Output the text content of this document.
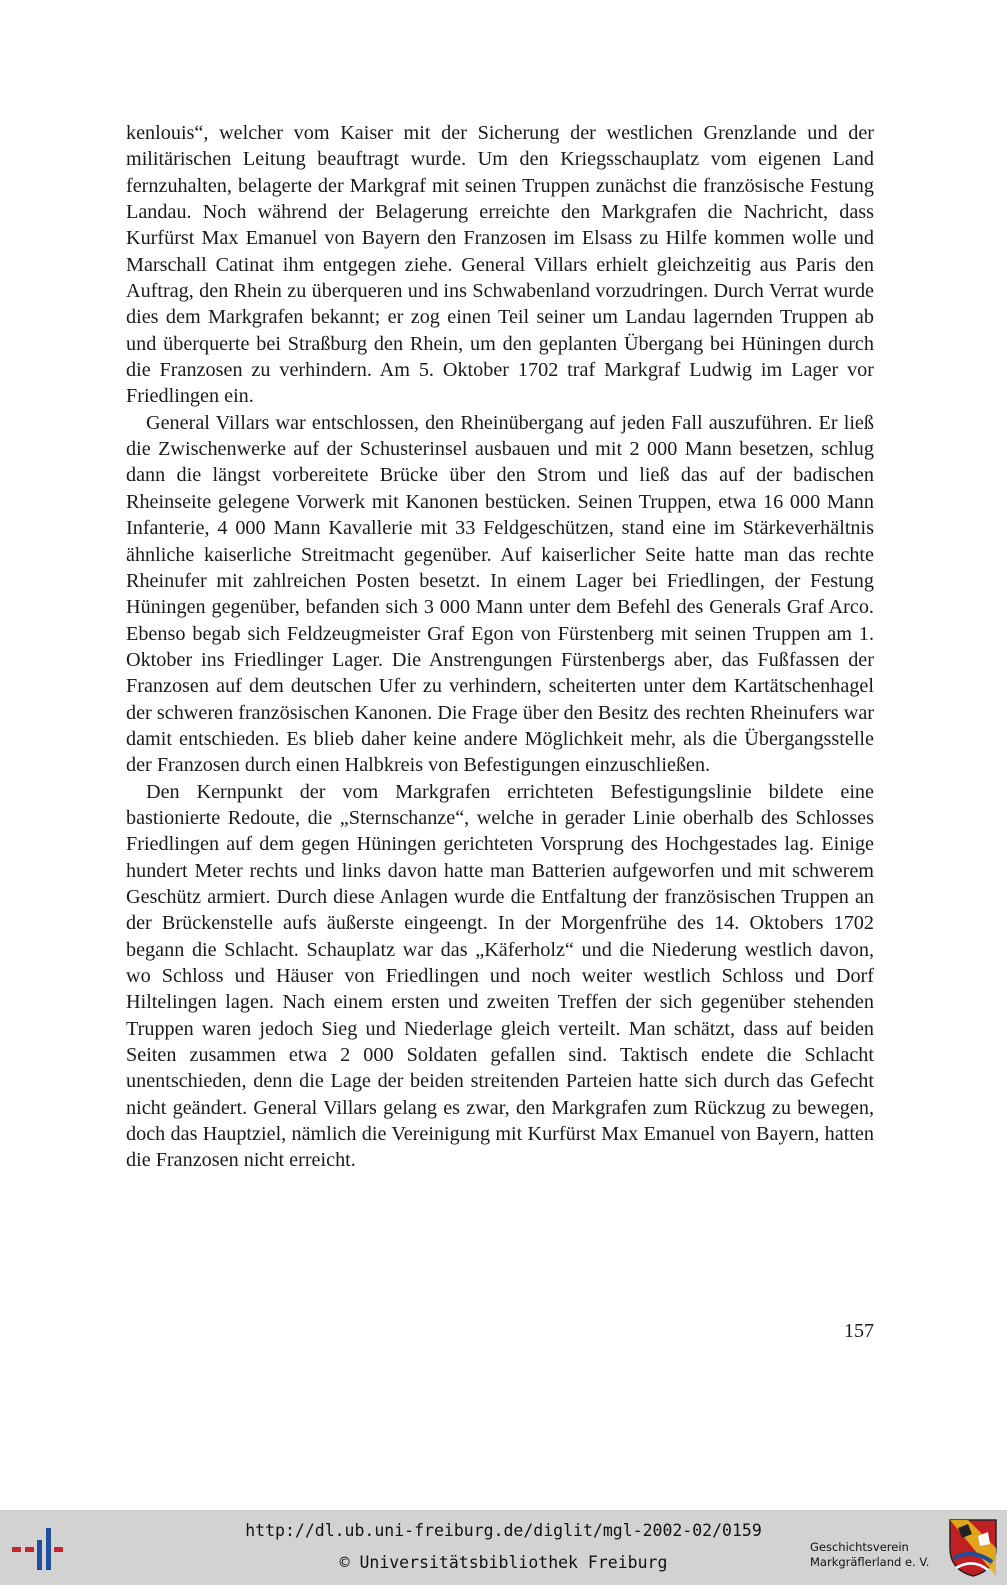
kenlouis“, welcher vom Kaiser mit der Sicherung der westlichen Grenzlande und der militärischen Leitung beauftragt wurde. Um den Kriegsschauplatz vom eigenen Land fernzuhalten, belagerte der Markgraf mit seinen Truppen zunächst die französische Festung Landau. Noch während der Belagerung erreichte den Markgrafen die Nachricht, dass Kurfürst Max Emanuel von Bayern den Franzosen im Elsass zu Hilfe kommen wolle und Marschall Catinat ihm entgegen ziehe. General Villars erhielt gleichzeitig aus Paris den Auftrag, den Rhein zu überqueren und ins Schwabenland vorzudringen. Durch Verrat wurde dies dem Markgrafen bekannt; er zog einen Teil seiner um Landau lagernden Truppen ab und überquerte bei Straßburg den Rhein, um den geplanten Übergang bei Hüningen durch die Franzosen zu verhindern. Am 5. Oktober 1702 traf Markgraf Ludwig im Lager vor Friedlingen ein.

General Villars war entschlossen, den Rheinübergang auf jeden Fall auszuführen. Er ließ die Zwischenwerke auf der Schusterinsel ausbauen und mit 2 000 Mann besetzen, schlug dann die längst vorbereitete Brücke über den Strom und ließ das auf der badischen Rheinseite gelegene Vorwerk mit Kanonen bestücken. Seinen Truppen, etwa 16 000 Mann Infanterie, 4 000 Mann Kavallerie mit 33 Feldgeschützen, stand eine im Stärkeverhältnis ähnliche kaiserliche Streitmacht gegenüber. Auf kaiserlicher Seite hatte man das rechte Rheinufer mit zahlreichen Posten besetzt. In einem Lager bei Friedlingen, der Festung Hüningen gegenüber, befanden sich 3 000 Mann unter dem Befehl des Generals Graf Arco. Ebenso begab sich Feldzeugmeister Graf Egon von Fürstenberg mit seinen Truppen am 1. Oktober ins Friedlinger Lager. Die Anstrengungen Fürstenbergs aber, das Fußfassen der Franzosen auf dem deutschen Ufer zu verhindern, scheiterten unter dem Kartätschenhagel der schweren französischen Kanonen. Die Frage über den Besitz des rechten Rheinufers war damit entschieden. Es blieb daher keine andere Möglichkeit mehr, als die Übergangsstelle der Franzosen durch einen Halbkreis von Befestigungen einzuschließen.

Den Kernpunkt der vom Markgrafen errichteten Befestigungslinie bildete eine bastionierte Redoute, die „Sternschanze“, welche in gerader Linie oberhalb des Schlosses Friedlingen auf dem gegen Hüningen gerichteten Vorsprung des Hochgestades lag. Einige hundert Meter rechts und links davon hatte man Batterien aufgeworfen und mit schwerem Geschütz armiert. Durch diese Anlagen wurde die Entfaltung der französischen Truppen an der Brückenstelle aufs äußerste eingeengt. In der Morgenfrühe des 14. Oktobers 1702 begann die Schlacht. Schauplatz war das „Käferholz“ und die Niederung westlich davon, wo Schloss und Häuser von Friedlingen und noch weiter westlich Schloss und Dorf Hiltelingen lagen. Nach einem ersten und zweiten Treffen der sich gegenüber stehenden Truppen waren jedoch Sieg und Niederlage gleich verteilt. Man schätzt, dass auf beiden Seiten zusammen etwa 2 000 Soldaten gefallen sind. Taktisch endete die Schlacht unentschieden, denn die Lage der beiden streitenden Parteien hatte sich durch das Gefecht nicht geändert. General Villars gelang es zwar, den Markgrafen zum Rückzug zu bewegen, doch das Hauptziel, nämlich die Vereinigung mit Kurfürst Max Emanuel von Bayern, hatten die Franzosen nicht erreicht.

157
http://dl.ub.uni-freiburg.de/diglit/mgl-2002-02/0159
© Universitätsbibliothek Freiburg
Geschichtsverein
Markgräflerland e. V.
